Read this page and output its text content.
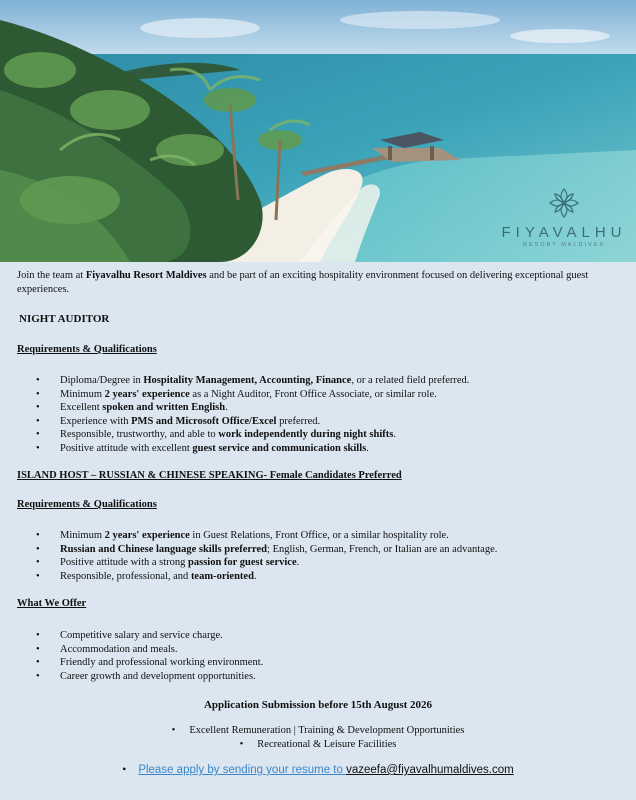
FIYAVALHU
RESORT MALDIVES

Join the team at Fiyavalhu Resort Maldives and be part of an exciting hospitality environment focused on delivering exceptional guest experiences.

NIGHT AUDITOR
Requirements & Qualifications
• Diploma/Degree in Hospitality Management, Accounting, Finance, or a related field preferred.
• Minimum 2 years' experience as a Night Auditor, Front Office Associate, or similar role.
• Excellent spoken and written English.
• Experience with PMS and Microsoft Office/Excel preferred.
• Responsible, trustworthy, and able to work independently during night shifts.
• Positive attitude with excellent guest service and communication skills.
ISLAND HOST – RUSSIAN & CHINESE SPEAKING- Female Candidates Preferred
Requirements & Qualifications
• Minimum 2 years' experience in Guest Relations, Front Office, or a similar hospitality role.
• Russian and Chinese language skills preferred; English, German, French, or Italian are an advantage.
• Positive attitude with a strong passion for guest service.
• Responsible, professional, and team-oriented.
What We Offer
• Competitive salary and service charge.
• Accommodation and meals.
• Friendly and professional working environment.
• Career growth and development opportunities.
Application Submission before 15th August 2026
• Excellent Remuneration | Training & Development Opportunities
• Recreational & Leisure Facilities
• Please apply by sending your resume to vazeefa@fiyavalhumaldives.com
